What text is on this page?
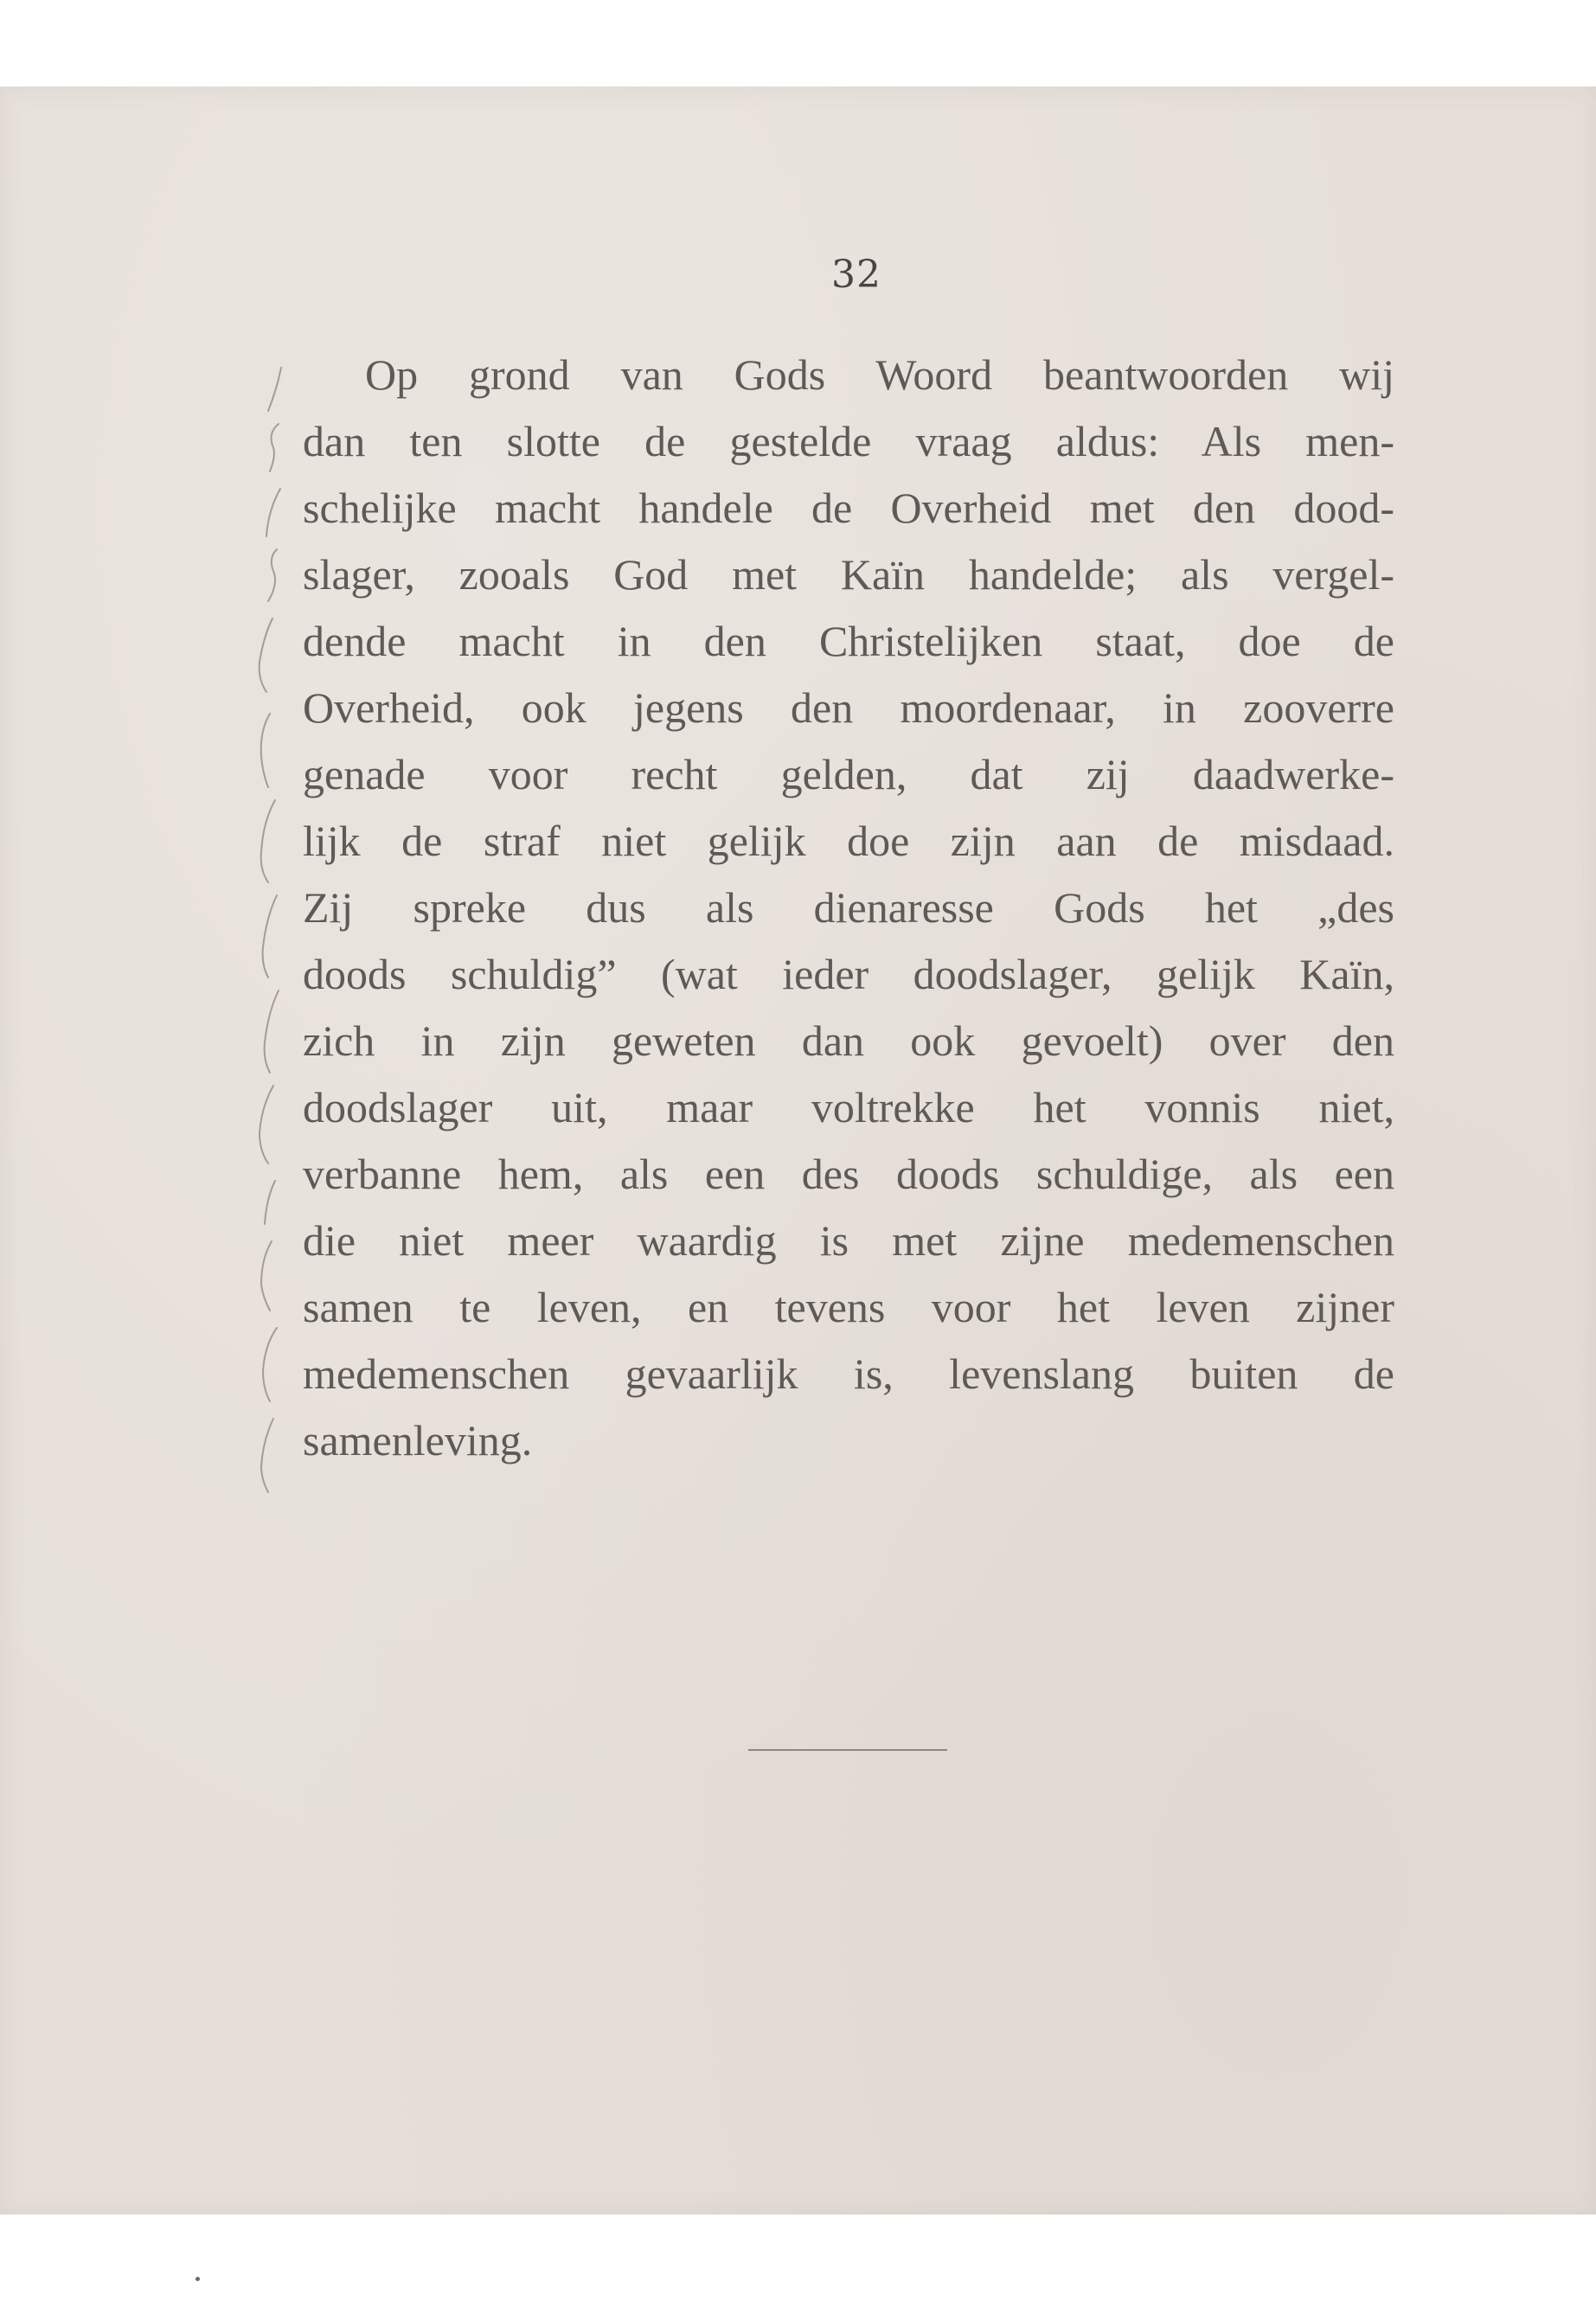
32
Op grond van Gods Woord beantwoorden wij
dan ten slotte de gestelde vraag aldus: Als men-
schelijke macht handele de Overheid met den dood-
slager, zooals God met Kaïn handelde; als vergel-
dende macht in den Christelijken staat, doe de
Overheid, ook jegens den moordenaar, in zooverre
genade voor recht gelden, dat zij daadwerke-
lijk de straf niet gelijk doe zijn aan de misdaad.
Zij spreke dus als dienaresse Gods het „des
doods schuldig” (wat ieder doodslager, gelijk Kaïn,
zich in zijn geweten dan ook gevoelt) over den
doodslager uit, maar voltrekke het vonnis niet,
verbanne hem, als een des doods schuldige, als een
die niet meer waardig is met zijne medemenschen
samen te leven, en tevens voor het leven zijner
medemenschen gevaarlijk is, levenslang buiten de
samenleving.
